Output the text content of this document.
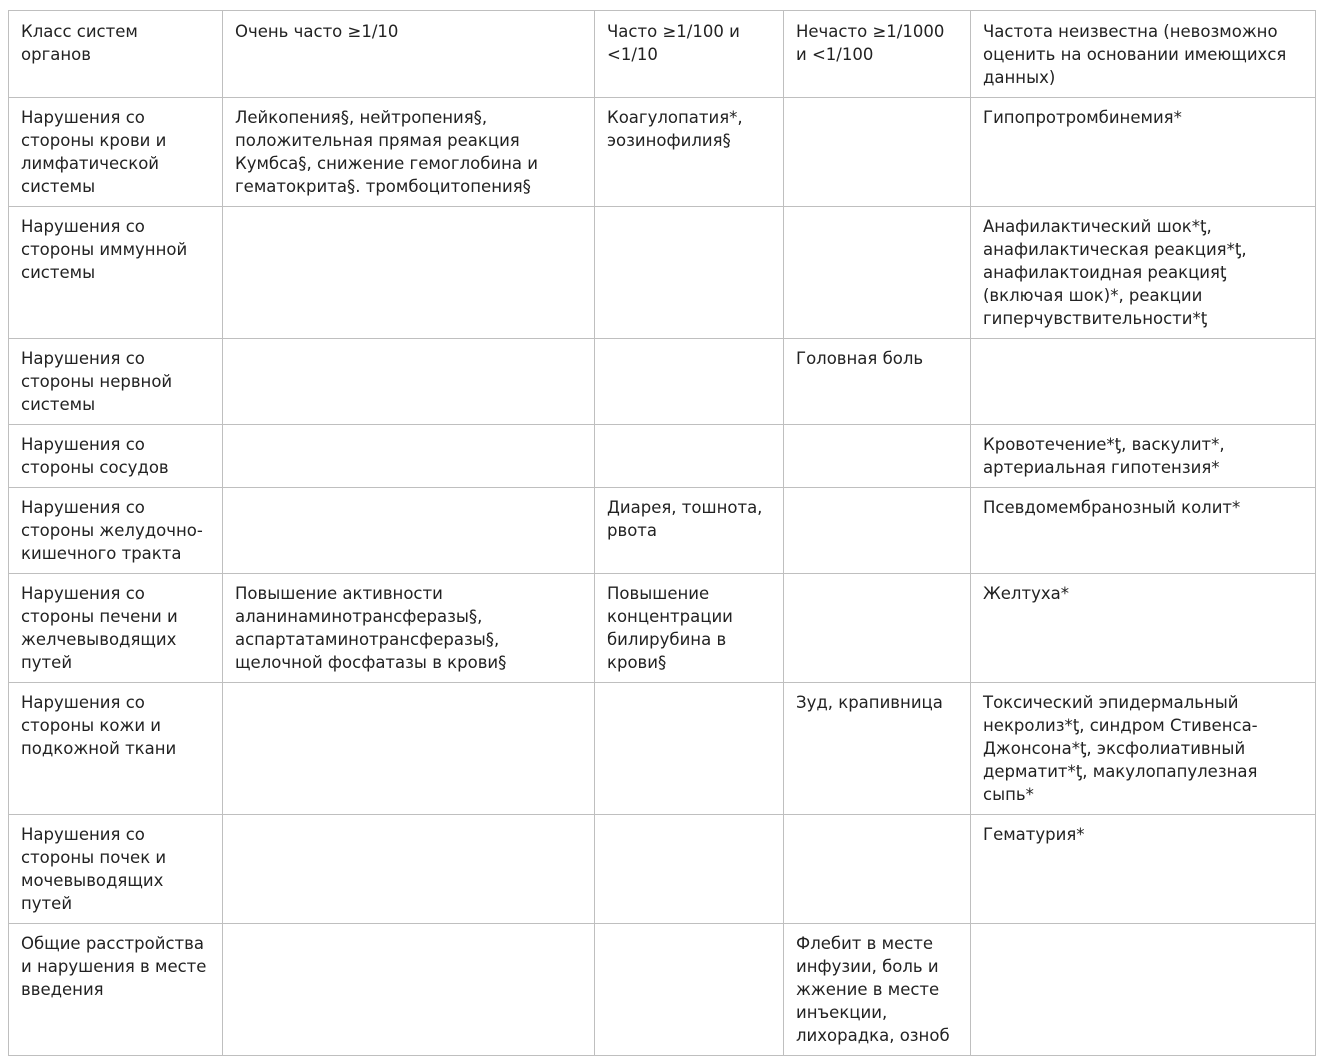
Класс систем органов	Очень часто ≥1/10	Часто ≥1/100 и <1/10	Нечасто ≥1/1000 и <1/100	Частота неизвестна (невозможно оценить на основании имеющихся данных)
Нарушения со стороны крови и лимфатической системы	Лейкопения§, нейтропения§, положительная прямая реакция Кумбса§, снижение гемоглобина и гематокрита§. тромбоцитопения§	Коагулопатия*, эозинофилия§		Гипопротромбинемия*
Нарушения со стороны иммунной системы				Анафилактический шок*ƫ, анафилактическая реакция*ƫ, анафилактоидная реакцияƫ (включая шок)*, реакции гиперчувствительности*ƫ
Нарушения со стороны нервной системы			Головная боль	
Нарушения со стороны сосудов				Кровотечение*ƫ, васкулит*, артериальная гипотензия*
Нарушения со стороны желудочно-кишечного тракта		Диарея, тошнота, рвота		Псевдомембранозный колит*
Нарушения со стороны печени и желчевыводящих путей	Повышение активности аланинаминотрансферазы§, аспартатаминотрансферазы§, щелочной фосфатазы в крови§	Повышение концентрации билирубина в крови§		Желтуха*
Нарушения со стороны кожи и подкожной ткани			Зуд, крапивница	Токсический эпидермальный некролиз*ƫ, синдром Стивенса-Джонсона*ƫ, эксфолиативный дерматит*ƫ, макулопапулезная сыпь*
Нарушения со стороны почек и мочевыводящих путей				Гематурия*
Общие расстройства и нарушения в месте введения			Флебит в месте инфузии, боль и жжение в месте инъекции, лихорадка, озноб	
